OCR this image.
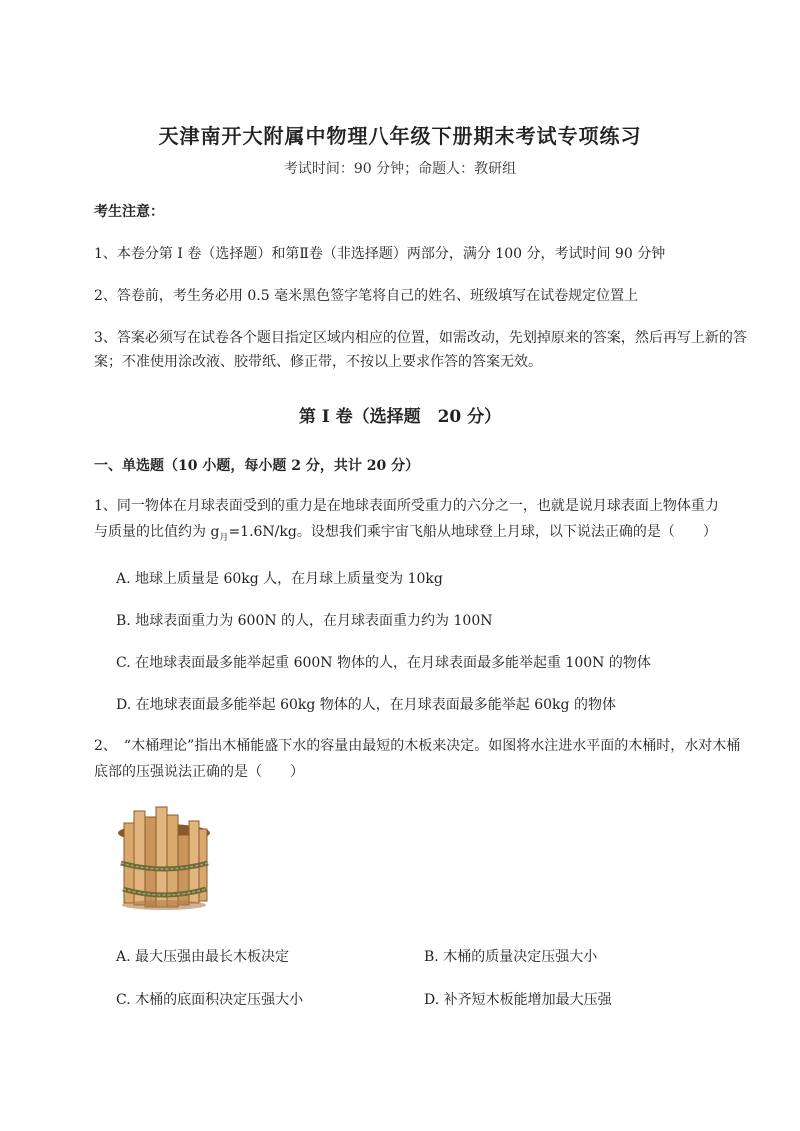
天津南开大附属中物理八年级下册期末考试专项练习
考试时间：90 分钟；命题人：教研组
考生注意：
1、本卷分第 I 卷（选择题）和第Ⅱ卷（非选择题）两部分，满分 100 分，考试时间 90 分钟
2、答卷前，考生务必用 0.5 毫米黑色签字笔将自己的姓名、班级填写在试卷规定位置上
3、答案必须写在试卷各个题目指定区域内相应的位置，如需改动，先划掉原来的答案，然后再写上新的答案；不准使用涂改液、胶带纸、修正带，不按以上要求作答的答案无效。
第 I 卷（选择题　20 分）
一、单选题（10 小题，每小题 2 分，共计 20 分）
1、同一物体在月球表面受到的重力是在地球表面所受重力的六分之一，也就是说月球表面上物体重力
与质量的比值约为 $g_月=1.6N/kg$。设想我们乘宇宙飞船从地球登上月球，以下说法正确的是（　　）
A. 地球上质量是 60kg 人，在月球上质量变为 10kg
B. 地球表面重力为 600N 的人，在月球表面重力约为 100N
C. 在地球表面最多能举起重 600N 物体的人，在月球表面最多能举起重 100N 的物体
D. 在地球表面最多能举起 60kg 物体的人，在月球表面最多能举起 60kg 的物体
2、　“木桶理论”指出木桶能盛下水的容量由最短的木板来决定。如图将水注进水平面的木桶时，水对木桶底部的压强说法正确的是（　　）
A. 最大压强由最长木板决定	B. 木桶的质量决定压强大小
C. 木桶的底面积决定压强大小	D. 补齐短木板能增加最大压强
